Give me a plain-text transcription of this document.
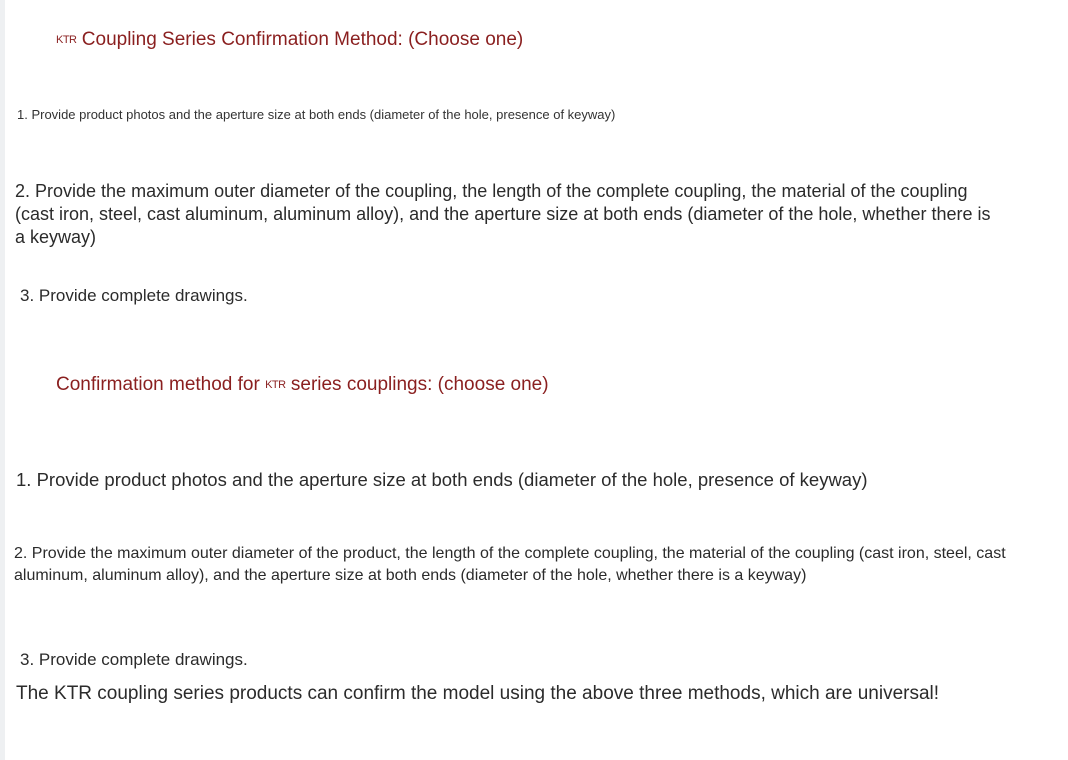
KTR Coupling Series Confirmation Method: (Choose one)
1. Provide product photos and the aperture size at both ends (diameter of the hole, presence of keyway)
2. Provide the maximum outer diameter of the coupling, the length of the complete coupling, the material of the coupling (cast iron, steel, cast aluminum, aluminum alloy), and the aperture size at both ends (diameter of the hole, whether there is a keyway)
3. Provide complete drawings.
Confirmation method for KTR series couplings: (choose one)
1. Provide product photos and the aperture size at both ends (diameter of the hole, presence of keyway)
2. Provide the maximum outer diameter of the product, the length of the complete coupling, the material of the coupling (cast iron, steel, cast aluminum, aluminum alloy), and the aperture size at both ends (diameter of the hole, whether there is a keyway)
3. Provide complete drawings.
The KTR coupling series products can confirm the model using the above three methods, which are universal!
